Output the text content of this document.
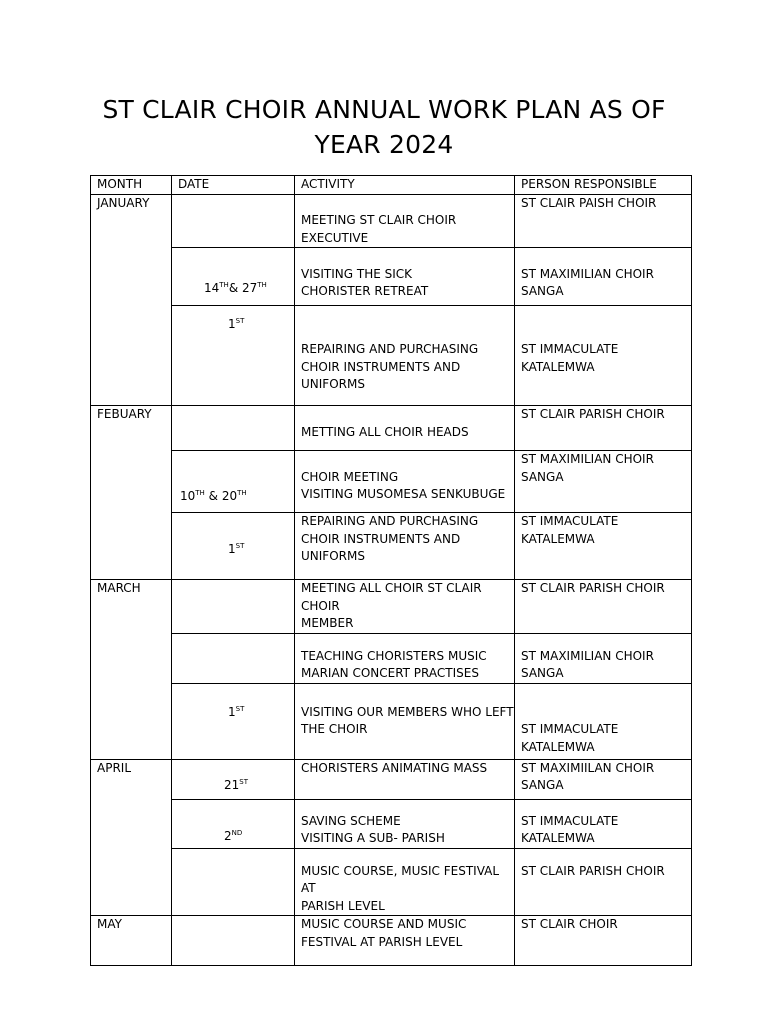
ST CLAIR CHOIR ANNUAL WORK PLAN AS OF
YEAR 2024
MONTH	DATE	ACTIVITY	PERSON RESPONSIBLE
JANUARY		MEETING ST CLAIR CHOIR
EXECUTIVE	ST CLAIR PAISH CHOIR

	14TH& 27TH	VISITING THE SICK
CHORISTER RETREAT	ST MAXIMILIAN CHOIR
SANGA

	1ST	REPAIRING AND PURCHASING
CHOIR INSTRUMENTS AND
UNIFORMS	ST IMMACULATE
KATALEMWA

FEBUARY		METTING ALL CHOIR HEADS	ST CLAIR PARISH CHOIR

	10TH & 20TH	CHOIR MEETING
VISITING MUSOMESA SENKUBUGE	ST MAXIMILIAN CHOIR
SANGA

	1ST	REPAIRING AND PURCHASING
CHOIR INSTRUMENTS AND
UNIFORMS	ST IMMACULATE
KATALEMWA

MARCH		MEETING ALL CHOIR ST CLAIR CHOIR
MEMBER	ST CLAIR PARISH CHOIR

		TEACHING CHORISTERS MUSIC
MARIAN CONCERT PRACTISES	ST MAXIMILIAN CHOIR
SANGA

	1ST	VISITING OUR MEMBERS WHO LEFT
THE CHOIR	ST IMMACULATE
KATALEMWA

APRIL	21ST	CHORISTERS ANIMATING MASS	ST MAXIMIILAN CHOIR
SANGA

	2ND	SAVING SCHEME
VISITING A SUB- PARISH	ST IMMACULATE
KATALEMWA

		MUSIC COURSE, MUSIC FESTIVAL AT
PARISH LEVEL	ST CLAIR PARISH CHOIR

MAY		MUSIC COURSE AND MUSIC
FESTIVAL AT PARISH LEVEL	ST CLAIR CHOIR
